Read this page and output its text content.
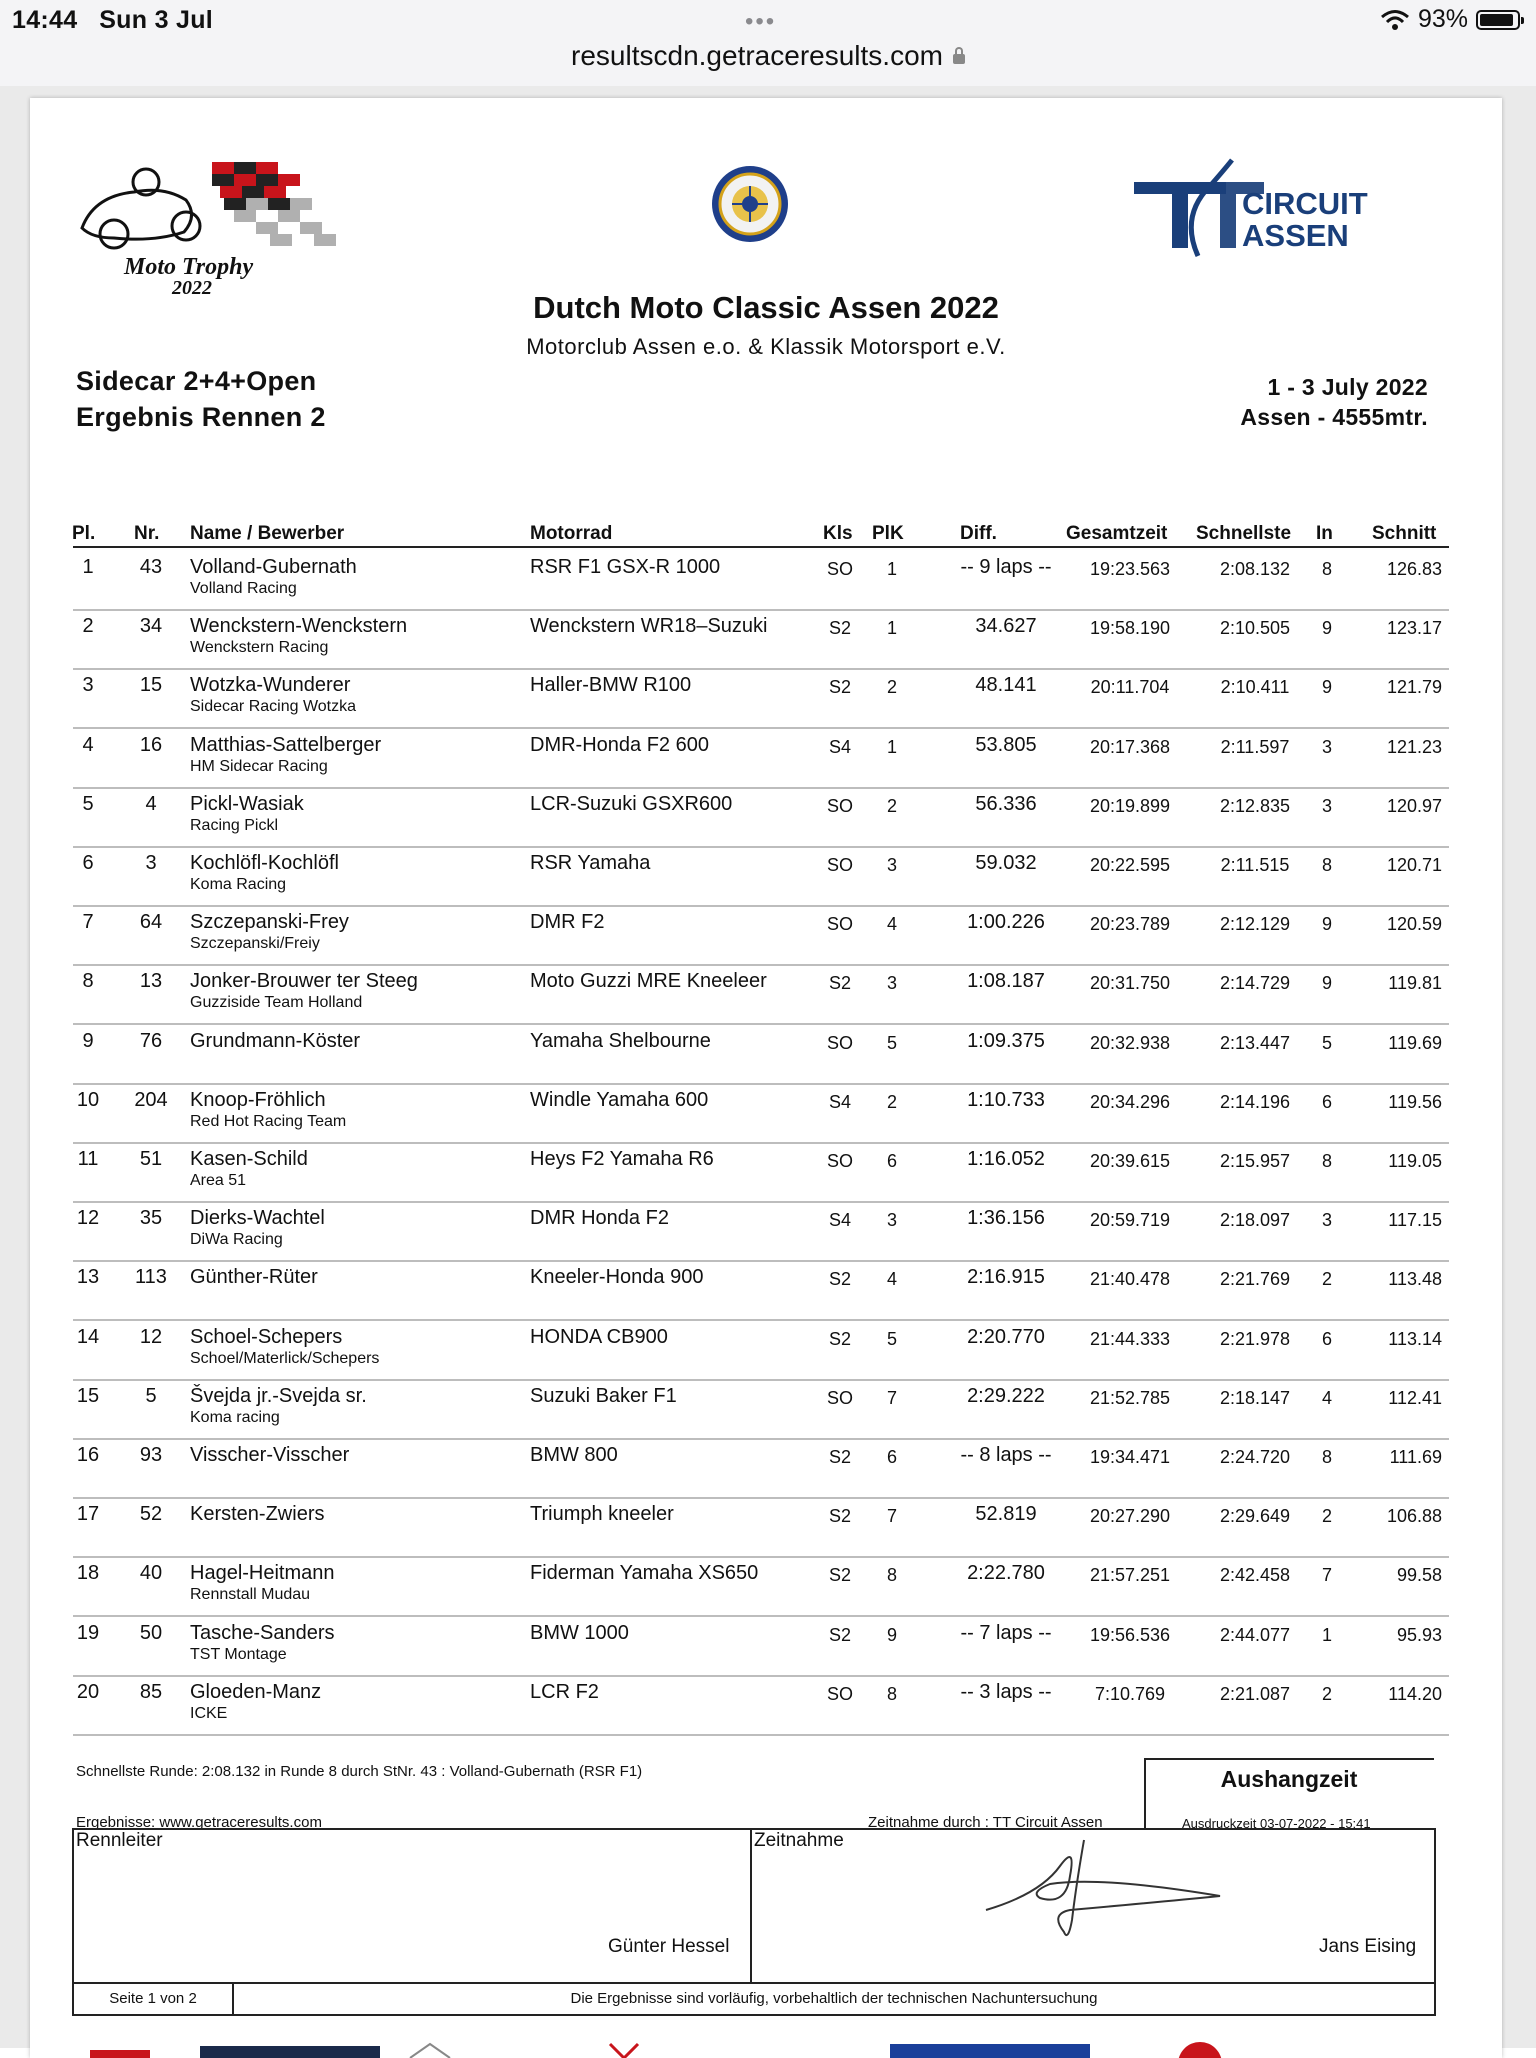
14:44 Sun 3 Jul	•••	93%
resultscdn.getraceresults.com
Moto Trophy
2022
CIRCUIT
ASSEN
Dutch Moto Classic Assen 2022
Motorclub Assen e.o. & Klassik Motorsport e.V.
Sidecar 2+4+Open
Ergebnis Rennen 2
1 - 3 July 2022
Assen - 4555mtr.
Pl. Nr. Name / Bewerber	Motorrad	Kls PlK	Diff.	Gesamtzeit Schnellste In Schnitt
1	43	Volland-Gubernath	RSR F1 GSX-R 1000	SO	1	-- 9 laps --	19:23.563	2:08.132	8	126.83
Volland Racing
2	34	Wenckstern-Wenckstern	Wenckstern WR18–Suzuki	S2	1	34.627	19:58.190	2:10.505	9	123.17
Wenckstern Racing
3	15	Wotzka-Wunderer	Haller-BMW R100	S2	2	48.141	20:11.704	2:10.411	9	121.79
Sidecar Racing Wotzka
4	16	Matthias-Sattelberger	DMR-Honda F2 600	S4	1	53.805	20:17.368	2:11.597	3	121.23
HM Sidecar Racing
5	4	Pickl-Wasiak	LCR-Suzuki GSXR600	SO	2	56.336	20:19.899	2:12.835	3	120.97
Racing Pickl
6	3	Kochlöfl-Kochlöfl	RSR Yamaha	SO	3	59.032	20:22.595	2:11.515	8	120.71
Koma Racing
7	64	Szczepanski-Frey	DMR F2	SO	4	1:00.226	20:23.789	2:12.129	9	120.59
Szczepanski/Freiy
8	13	Jonker-Brouwer ter Steeg	Moto Guzzi MRE Kneeleer	S2	3	1:08.187	20:31.750	2:14.729	9	119.81
Guzziside Team Holland
9	76	Grundmann-Köster	Yamaha Shelbourne	SO	5	1:09.375	20:32.938	2:13.447	5	119.69
10	204	Knoop-Fröhlich	Windle Yamaha 600	S4	2	1:10.733	20:34.296	2:14.196	6	119.56
Red Hot Racing Team
11	51	Kasen-Schild	Heys F2 Yamaha R6	SO	6	1:16.052	20:39.615	2:15.957	8	119.05
Area 51
12	35	Dierks-Wachtel	DMR Honda F2	S4	3	1:36.156	20:59.719	2:18.097	3	117.15
DiWa Racing
13	113	Günther-Rüter	Kneeler-Honda 900	S2	4	2:16.915	21:40.478	2:21.769	2	113.48
14	12	Schoel-Schepers	HONDA CB900	S2	5	2:20.770	21:44.333	2:21.978	6	113.14
Schoel/Materlick/Schepers
15	5	Švejda jr.-Svejda sr.	Suzuki Baker F1	SO	7	2:29.222	21:52.785	2:18.147	4	112.41
Koma racing
16	93	Visscher-Visscher	BMW 800	S2	6	-- 8 laps --	19:34.471	2:24.720	8	111.69
17	52	Kersten-Zwiers	Triumph kneeler	S2	7	52.819	20:27.290	2:29.649	2	106.88
18	40	Hagel-Heitmann	Fiderman Yamaha XS650	S2	8	2:22.780	21:57.251	2:42.458	7	99.58
Rennstall Mudau
19	50	Tasche-Sanders	BMW 1000	S2	9	-- 7 laps --	19:56.536	2:44.077	1	95.93
TST Montage
20	85	Gloeden-Manz	LCR F2	SO	8	-- 3 laps --	7:10.769	2:21.087	2	114.20
ICKE
Schnellste Runde: 2:08.132 in Runde 8 durch StNr. 43 : Volland-Gubernath (RSR F1)	Aushangzeit
Ergebnisse: www.getraceresults.com	Zeitnahme durch : TT Circuit Assen	Ausdruckzeit 03-07-2022 - 15:41
Rennleiter
Günter Hessel
Zeitnahme
Jans Eising
Seite 1 von 2	Die Ergebnisse sind vorläufig, vorbehaltlich der technischen Nachuntersuchung
